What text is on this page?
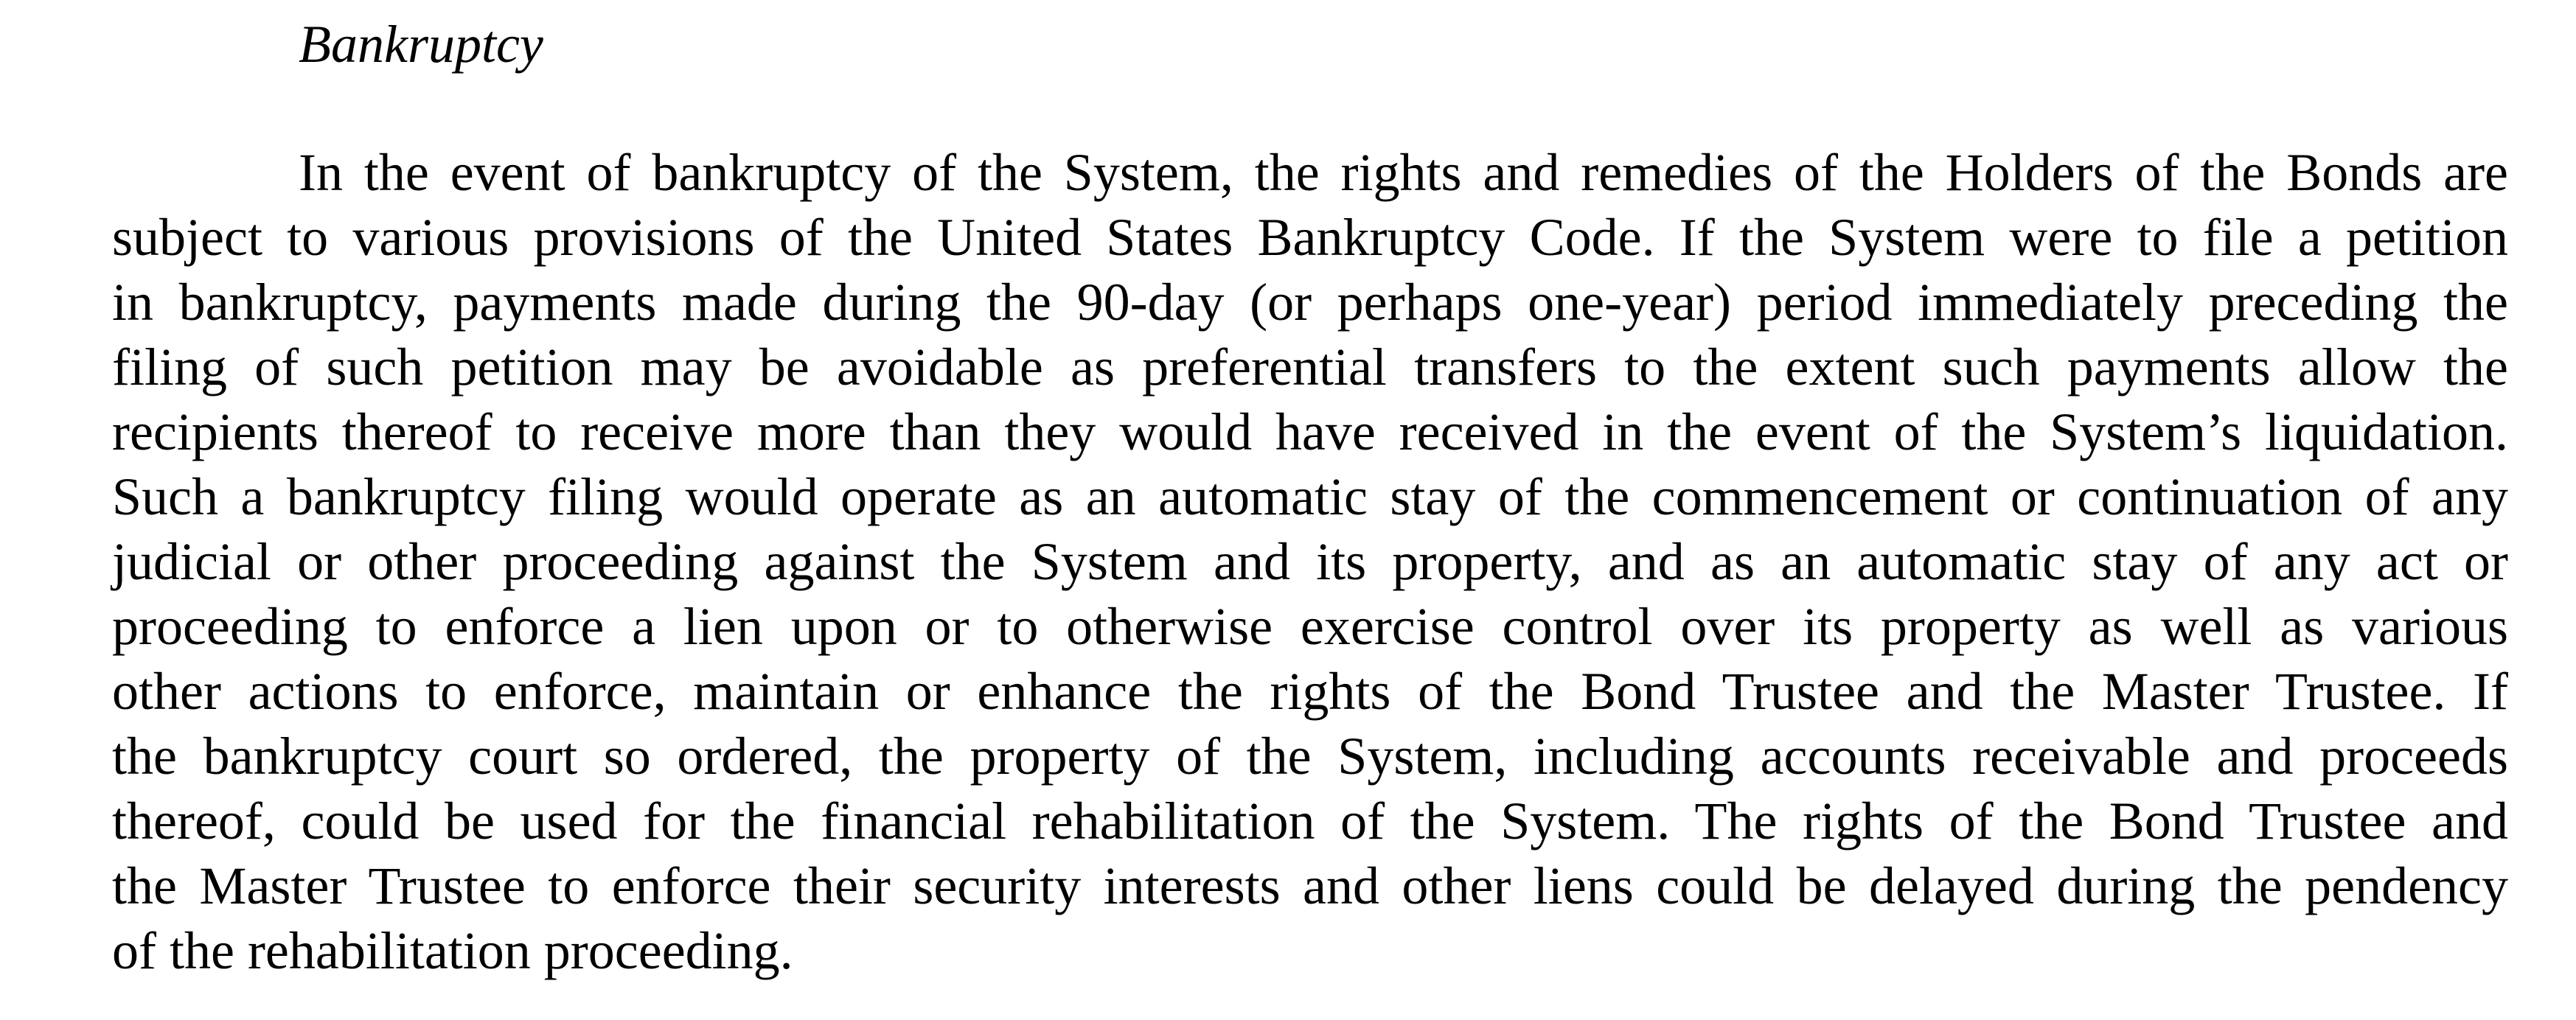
Bankruptcy
In the event of bankruptcy of the System, the rights and remedies of the Holders of the Bonds are
subject to various provisions of the United States Bankruptcy Code. If the System were to file a petition
in bankruptcy, payments made during the 90-day (or perhaps one-year) period immediately preceding the
filing of such petition may be avoidable as preferential transfers to the extent such payments allow the
recipients thereof to receive more than they would have received in the event of the System’s liquidation.
Such a bankruptcy filing would operate as an automatic stay of the commencement or continuation of any
judicial or other proceeding against the System and its property, and as an automatic stay of any act or
proceeding to enforce a lien upon or to otherwise exercise control over its property as well as various
other actions to enforce, maintain or enhance the rights of the Bond Trustee and the Master Trustee. If
the bankruptcy court so ordered, the property of the System, including accounts receivable and proceeds
thereof, could be used for the financial rehabilitation of the System. The rights of the Bond Trustee and
the Master Trustee to enforce their security interests and other liens could be delayed during the pendency
of the rehabilitation proceeding.
